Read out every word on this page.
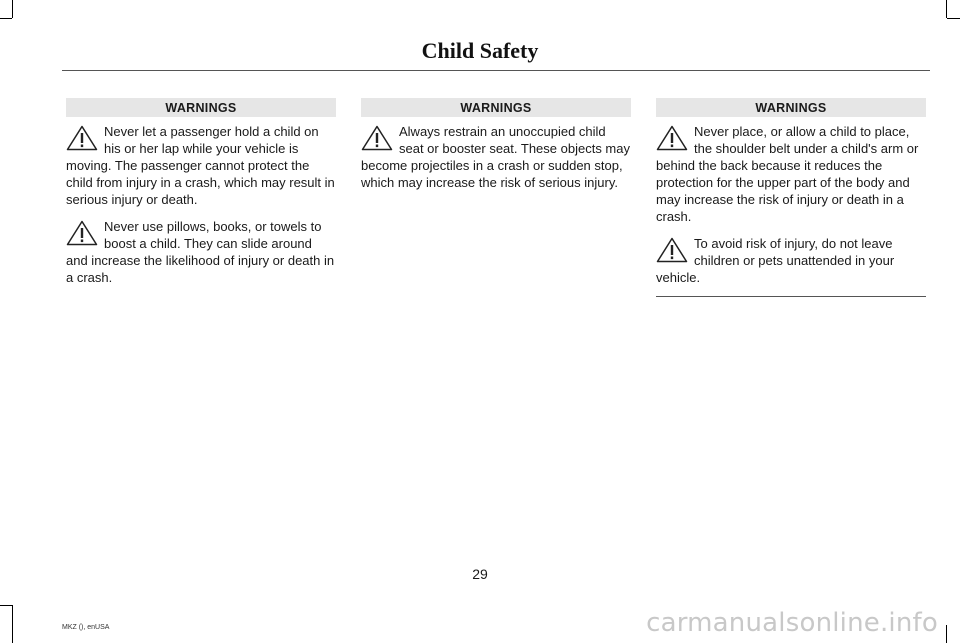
Child Safety
WARNINGS
Never let a passenger hold a child on his or her lap while your vehicle is moving. The passenger cannot protect the child from injury in a crash, which may result in serious injury or death.
Never use pillows, books, or towels to boost a child. They can slide around and increase the likelihood of injury or death in a crash.
WARNINGS
Always restrain an unoccupied child seat or booster seat. These objects may become projectiles in a crash or sudden stop, which may increase the risk of serious injury.
WARNINGS
Never place, or allow a child to place, the shoulder belt under a child's arm or behind the back because it reduces the protection for the upper part of the body and may increase the risk of injury or death in a crash.
To avoid risk of injury, do not leave children or pets unattended in your vehicle.
29
MKZ (), enUSA	carmanualsonline.info
